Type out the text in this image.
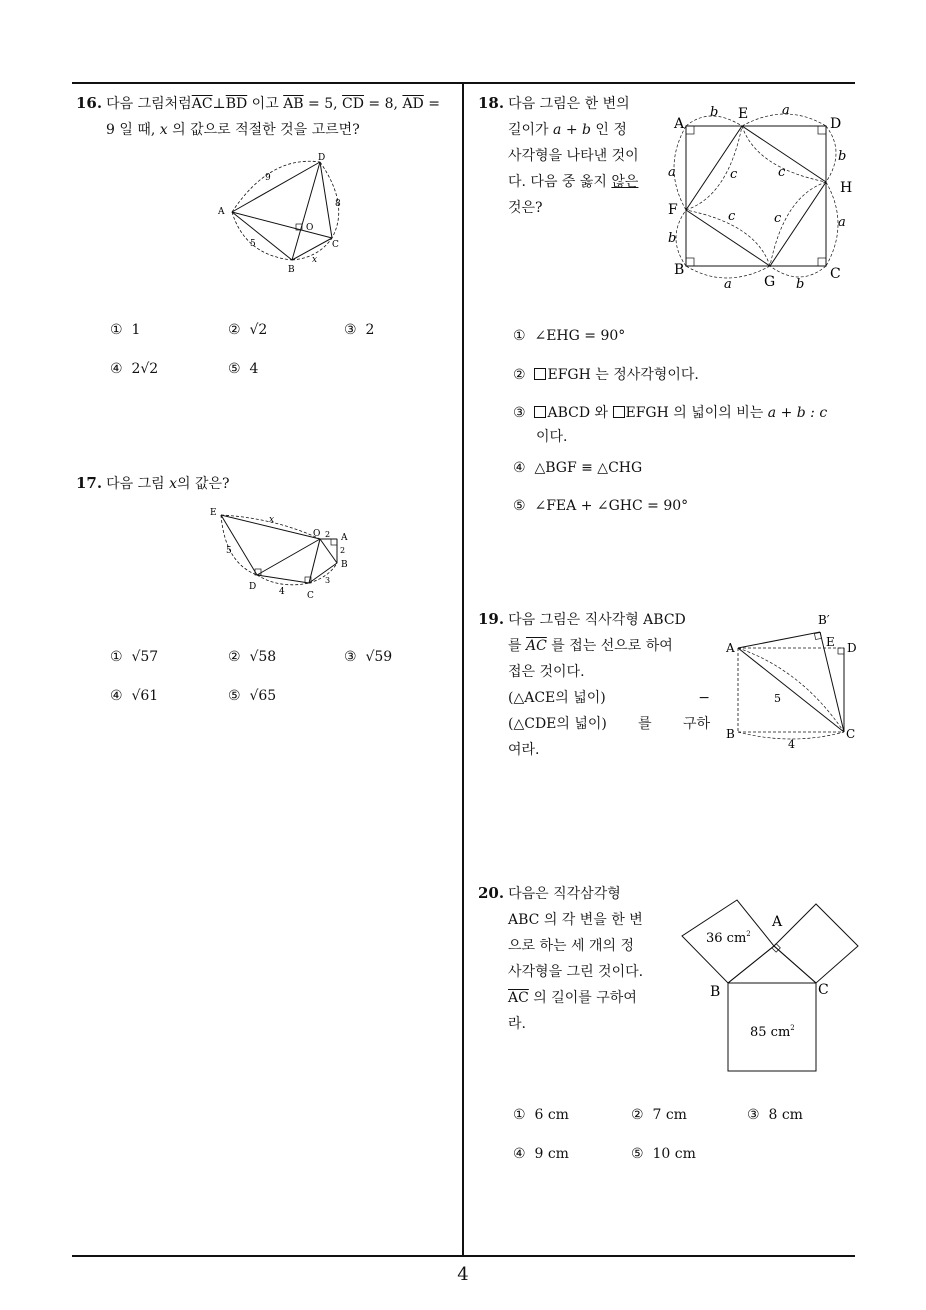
16. 다음 그림처럼$\overline{AC}\perp\overline{BD}$ 이고 $\overline{AB} = 5$, $\overline{CD} = 8$, $\overline{AD}$ =
9 일 때, x 의 값으로 적절한 것을 고르면?
A
D
C
B
O
9
8
5
x
① 1	② √2	③ 2
④ 2√2	⑤ 4
17. 다음 그림 x의 값은?
E
O A
B
C
D
x
2
2
5
4
3
① √57	② √58	③ √59
④ √61	⑤ √65
18. 다음 그림은 한 변의
길이가 a + b 인 정
사각형을 나타낸 것이
다. 다음 중 옳지 않은
것은?
A
E
D
H
C
G
B
F
b	a
b
a
b
a
b
a	c	c
c	c
① ∠EHG = 90°
② EFGH 는 정사각형이다.
③ ABCD 와 EFGH 의 넓이의 비는 a + b : c
이다.
④ △BGF ≡ △CHG
⑤ ∠FEA + ∠GHC = 90°
19. 다음 그림은 직사각형 ABCD
를 $\overline{AC}$ 를 접는 선으로 하여
접은 것이다.
(△ACE의 넓이)	−
(△CDE의 넓이) 를 구하
여라.
B′
A	E D
B	C
5
4
20. 다음은 직각삼각형
ABC 의 각 변을 한 변
으로 하는 세 개의 정
사각형을 그린 것이다.
$\overline{AC}$ 의 길이를 구하여
라.
A
B	C
36 $cm^2$
85 $cm^2$
① 6 cm	② 7 cm	③ 8 cm
④ 9 cm	⑤ 10 cm
4
